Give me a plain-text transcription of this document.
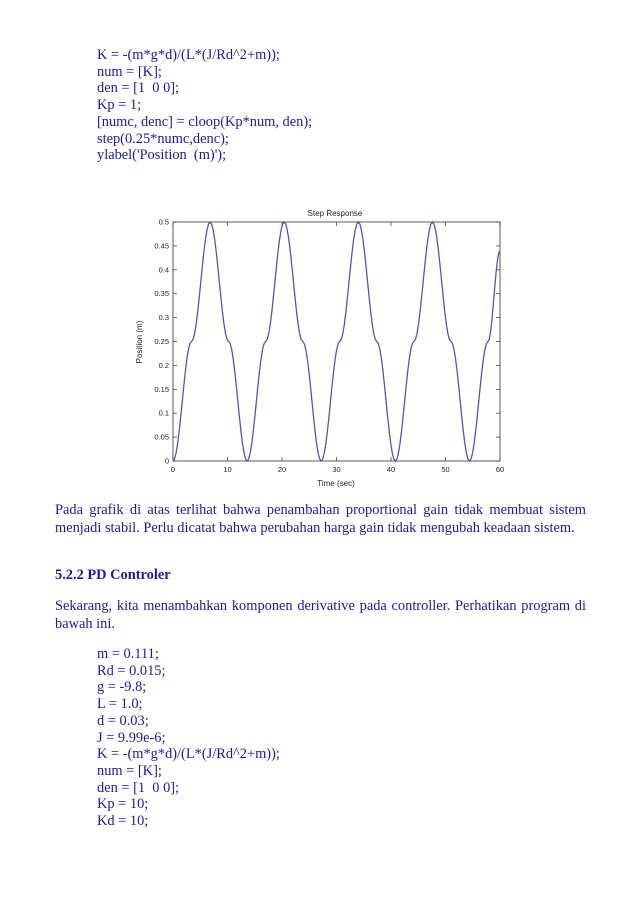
K = -(m*g*d)/(L*(J/Rd^2+m));
num = [K];
den = [1  0 0];
Kp = 1;
[numc, denc] = cloop(Kp*num, den);
step(0.25*numc,denc);
ylabel('Position  (m)');
Step Response
0
0.05
0.1
0.15
0.2
0.25
0.3
0.35
0.4
0.45
0.5
0	10	20	30	40	50	60
Time (sec)
Position (m)
Pada grafik di atas terlihat bahwa penambahan proportional gain tidak membuat sistem menjadi stabil. Perlu dicatat bahwa perubahan harga gain tidak mengubah keadaan sistem.
5.2.2 PD Controler
Sekarang, kita menambahkan komponen derivative pada controller. Perhatikan program di bawah ini.
m = 0.111;
Rd = 0.015;
g = -9.8;
L = 1.0;
d = 0.03;
J = 9.99e-6;
K = -(m*g*d)/(L*(J/Rd^2+m));
num = [K];
den = [1  0 0];
Kp = 10;
Kd = 10;
